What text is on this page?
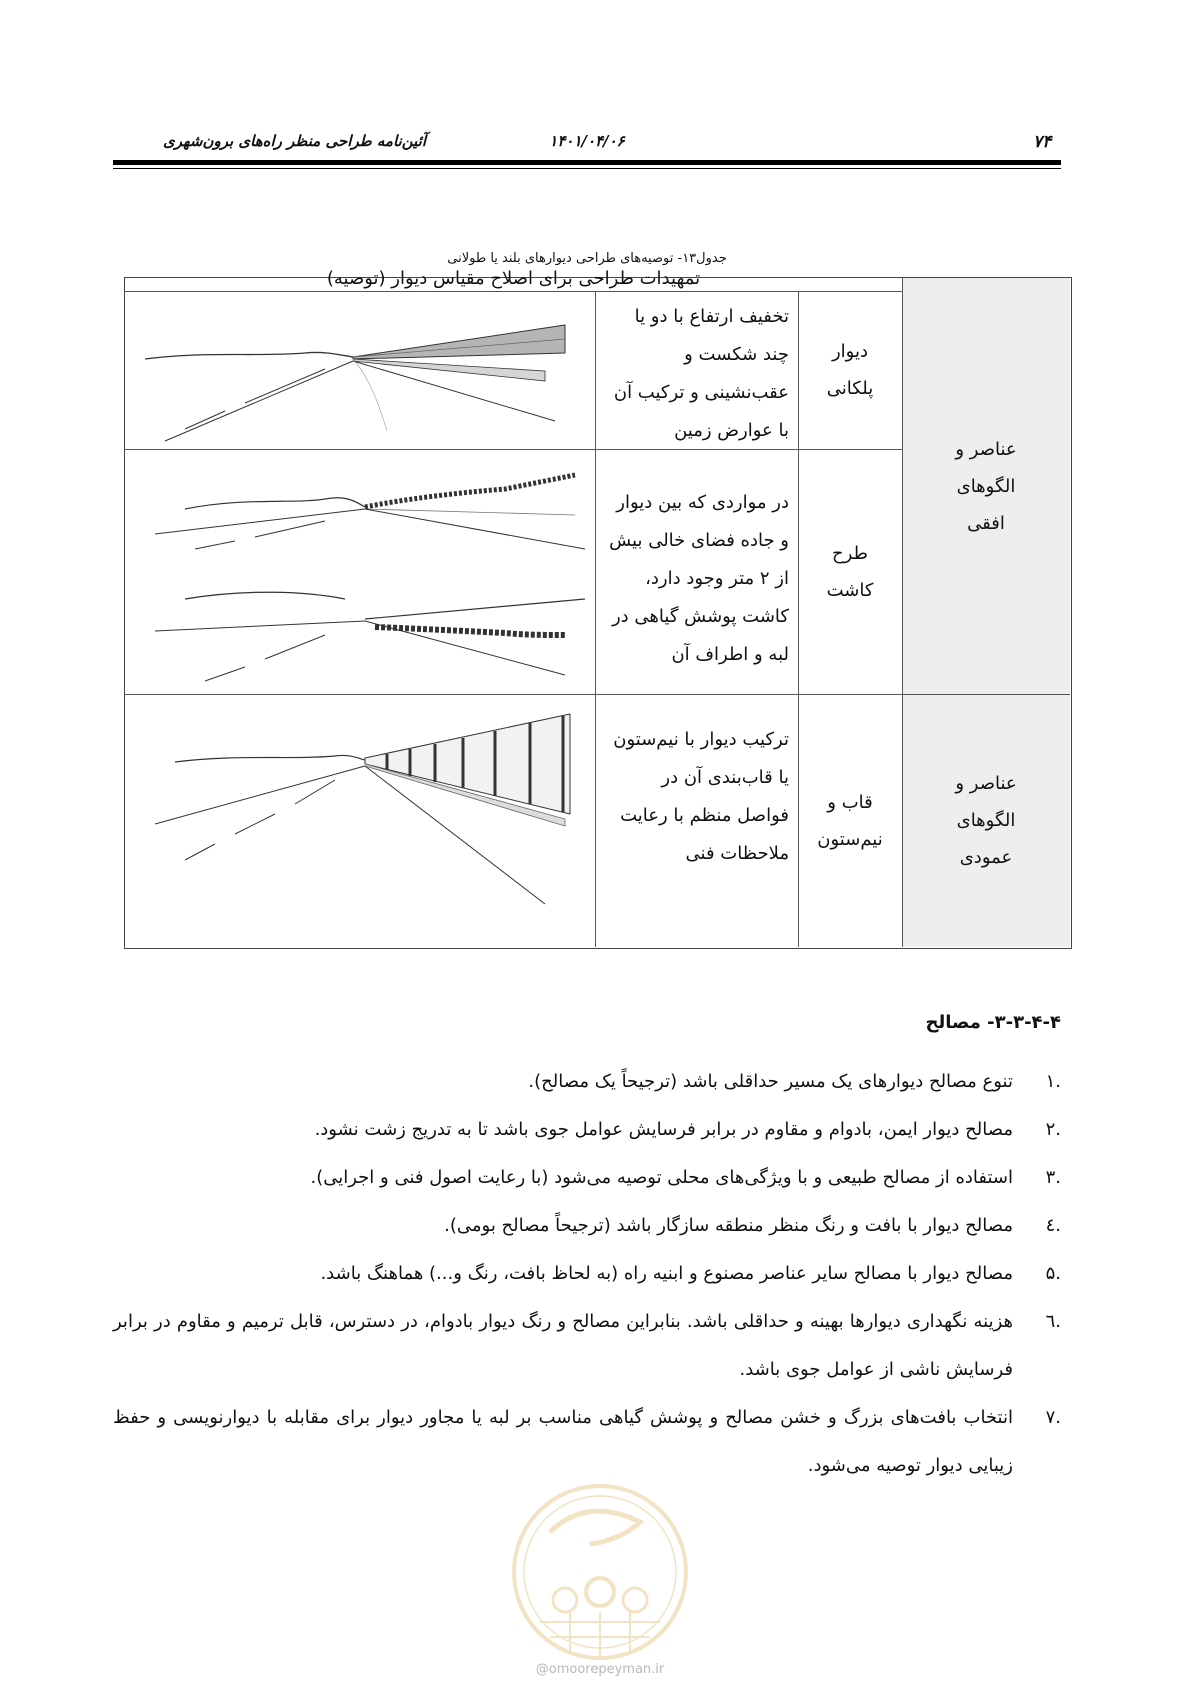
۷۴
۱۴۰۱/۰۴/۰۶
آئین‌نامه طراحی منظر راه‌های برون‌شهری
جدول۱۳- توصیه‌های طراحی دیوارهای بلند یا طولانی
تمهیدات طراحی برای اصلاح مقیاس دیوار (توصیه)
عناصر و
الگوهای
افقی
عناصر و
الگوهای
عمودی
دیوار
پلکانی
تخفیف ارتفاع با دو یا
چند شکست و
عقب‌نشینی و ترکیب آن
با عوارض زمین
طرح
کاشت
در مواردی که بین دیوار
و جاده فضای خالی بیش
از ۲ متر وجود دارد،
کاشت پوشش گیاهی در
لبه و اطراف آن
قاب و
نیم‌ستون
ترکیب دیوار با نیم‌ستون
یا قاب‌بندی آن در
فواصل منظم با رعایت
ملاحظات فنی
۳-۳-۴-۴- مصالح
.۱
تنوع مصالح دیوارهای یک مسیر حداقلی باشد (ترجیحاً یک مصالح).
.۲
مصالح دیوار ایمن، بادوام و مقاوم در برابر فرسایش عوامل جوی باشد تا به تدریج زشت نشود.
.۳
استفاده از مصالح طبیعی و با ویژگی‌های محلی توصیه می‌شود (با رعایت اصول فنی و اجرایی).
.٤
مصالح دیوار با بافت و رنگ منظر منطقه سازگار باشد (ترجیحاً مصالح بومی).
.۵
مصالح دیوار با مصالح سایر عناصر مصنوع و ابنیه راه (به لحاظ بافت، رنگ و...) هماهنگ باشد.
.٦
هزینه نگهداری دیوارها بهینه و حداقلی باشد. بنابراین مصالح و رنگ دیوار بادوام، در دسترس، قابل ترمیم و مقاوم در برابر فرسایش ناشی از عوامل جوی باشد.
.۷
انتخاب بافت‌های بزرگ و خشن مصالح و پوشش گیاهی مناسب بر لبه یا مجاور دیوار برای مقابله با دیوارنویسی و حفظ زیبایی دیوار توصیه می‌شود.
@omoorepeyman.ir
